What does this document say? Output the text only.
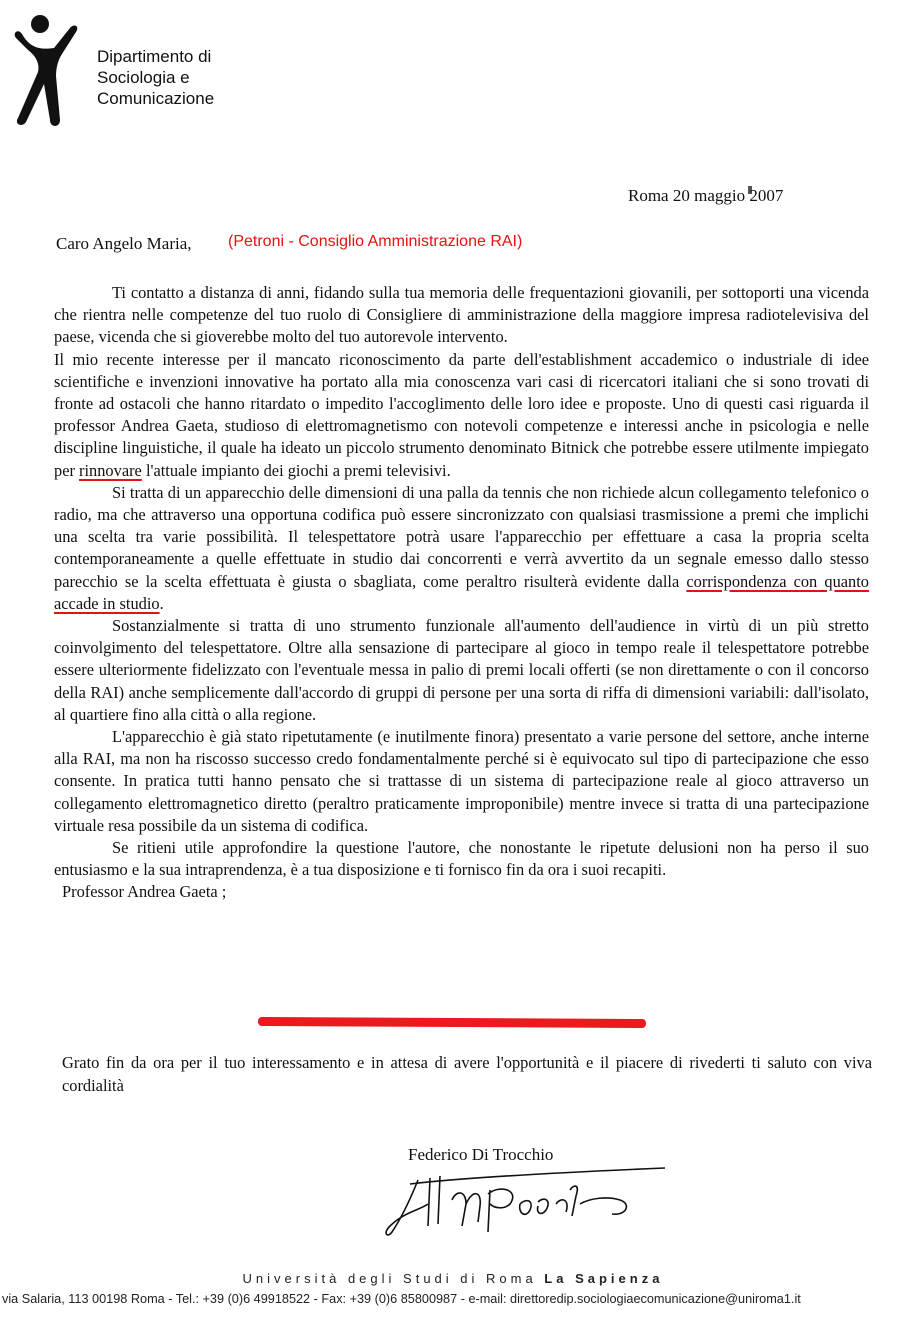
Dipartimento di
Sociologia e
Comunicazione
Roma 20 maggio 2007
Caro Angelo Maria, (Petroni - Consiglio Amministrazione RAI)

Ti contatto a distanza di anni, fidando sulla tua memoria delle frequentazioni giovanili, per sottoporti una vicenda che rientra nelle competenze del tuo ruolo di Consigliere di amministrazione della maggiore impresa radiotelevisiva del paese, vicenda che si gioverebbe molto del tuo autorevole intervento.

Il mio recente interesse per il mancato riconoscimento da parte dell'establishment accademico o industriale di idee scientifiche e invenzioni innovative ha portato alla mia conoscenza vari casi di ricercatori italiani che si sono trovati di fronte ad ostacoli che hanno ritardato o impedito l'accoglimento delle loro idee e proposte. Uno di questi casi riguarda il professor Andrea Gaeta, studioso di elettromagnetismo con notevoli competenze e interessi anche in psicologia e nelle discipline linguistiche, il quale ha ideato un piccolo strumento denominato Bitnick che potrebbe essere utilmente impiegato per rinnovare l'attuale impianto dei giochi a premi televisivi.

Si tratta di un apparecchio delle dimensioni di una palla da tennis che non richiede alcun collegamento telefonico o radio, ma che attraverso una opportuna codifica può essere sincronizzato con qualsiasi trasmissione a premi che implichi una scelta tra varie possibilità. Il telespettatore potrà usare l'apparecchio per effettuare a casa la propria scelta contemporaneamente a quelle effettuate in studio dai concorrenti e verrà avvertito da un segnale emesso dallo stesso parecchio se la scelta effettuata è giusta o sbagliata, come peraltro risulterà evidente dalla corrispondenza con quanto accade in studio.

Sostanzialmente si tratta di uno strumento funzionale all'aumento dell'audience in virtù di un più stretto coinvolgimento del telespettatore. Oltre alla sensazione di partecipare al gioco in tempo reale il telespettatore potrebbe essere ulteriormente fidelizzato con l'eventuale messa in palio di premi locali offerti (se non direttamente o con il concorso della RAI) anche semplicemente dall'accordo di gruppi di persone per una sorta di riffa di dimensioni variabili: dall'isolato, al quartiere fino alla città o alla regione.

L'apparecchio è già stato ripetutamente (e inutilmente finora) presentato a varie persone del settore, anche interne alla RAI, ma non ha riscosso successo credo fondamentalmente perché si è equivocato sul tipo di partecipazione che esso consente. In pratica tutti hanno pensato che si trattasse di un sistema di partecipazione reale al gioco attraverso un collegamento elettromagnetico diretto (peraltro praticamente improponibile) mentre invece si tratta di una partecipazione virtuale resa possibile da un sistema di codifica.

Se ritieni utile approfondire la questione l'autore, che nonostante le ripetute delusioni non ha perso il suo entusiasmo e la sua intraprendenza, è a tua disposizione e ti fornisco fin da ora i suoi recapiti.

Professor Andrea Gaeta ;

Grato fin da ora per il tuo interessamento e in attesa di avere l'opportunità e il piacere di rivederti ti saluto con viva cordialità
Federico Di Trocchio
Università degli Studi di Roma La Sapienza
via Salaria, 113 00198 Roma - Tel.: +39 (0)6 49918522 - Fax: +39 (0)6 85800987 - e-mail: direttoredip.sociologiaecomunicazione@uniroma1.it
